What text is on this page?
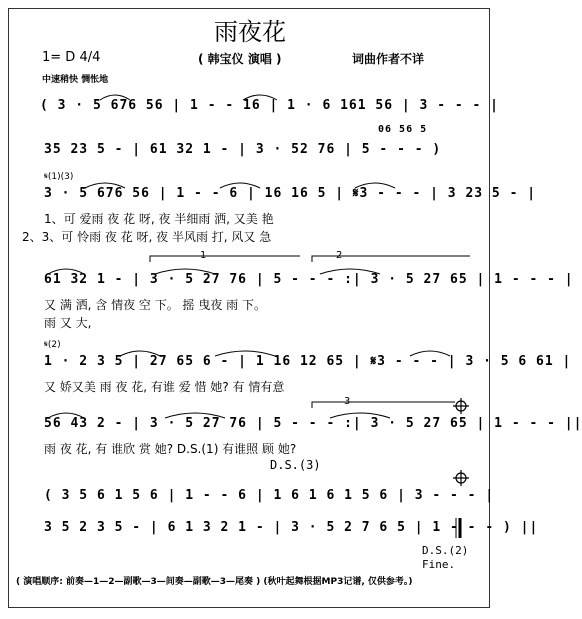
雨夜花
1= D 4/4	( 韩宝仪 演唱 )	词曲作者不详
中速稍快 惆怅地
( 3 · 5 676 56 | 1 - - 16 | 1 · 6 161 56 | 3 - - - |
06 56 5
35 23 5 - | 61 32 1 - | 3 · 52 76 | 5 - - - )
𝄋(1)(3)
3 · 5 676 56 | 1 - - 6 | 16 16 5 | 𝄋3 - - - | 3 23 5 - |
1、可 爱雨 夜 花 呀, 夜 半细雨 洒, 又美 艳
2、3、可 怜雨 夜 花 呀, 夜 半风雨 打, 风又 急
1	2
61 32 1 - | 3 · 5 27 76 | 5 - - - :| 3 · 5 27 65 | 1 - - - |
又 满 洒, 含 情夜 空 下。 摇 曳夜 雨 下。
雨 又 大,
𝄋(2)
1 · 2 3 5 | 27 65 6 - | 1 16 12 65 | 𝄋3 - - - | 3 · 5 6 61 |
又 娇又美 雨 夜 花, 有谁 爱 惜 她? 有 情有意
3
56 43 2 - | 3 · 5 27 76 | 5 - - - :| 3 · 5 27 65 | 1 - - - ||
雨 夜 花, 有 谁欣 赏 她? D.S.(1) 有谁照 顾 她?
D.S.(3)
( 3 5 6 1 5 6 | 1 - - 6 | 1 6 1 6 1 5 6 | 3 - - - |
3 5 2 3 5 - | 6 1 3 2 1 - | 3 · 5 2 7 6 5 | 1 - - - ) ||
D.S.(2)
Fine.
( 演唱顺序: 前奏—1—2—副歌—3—间奏—副歌—3—尾奏 ) (秋叶起舞根据MP3记谱, 仅供参考。)
